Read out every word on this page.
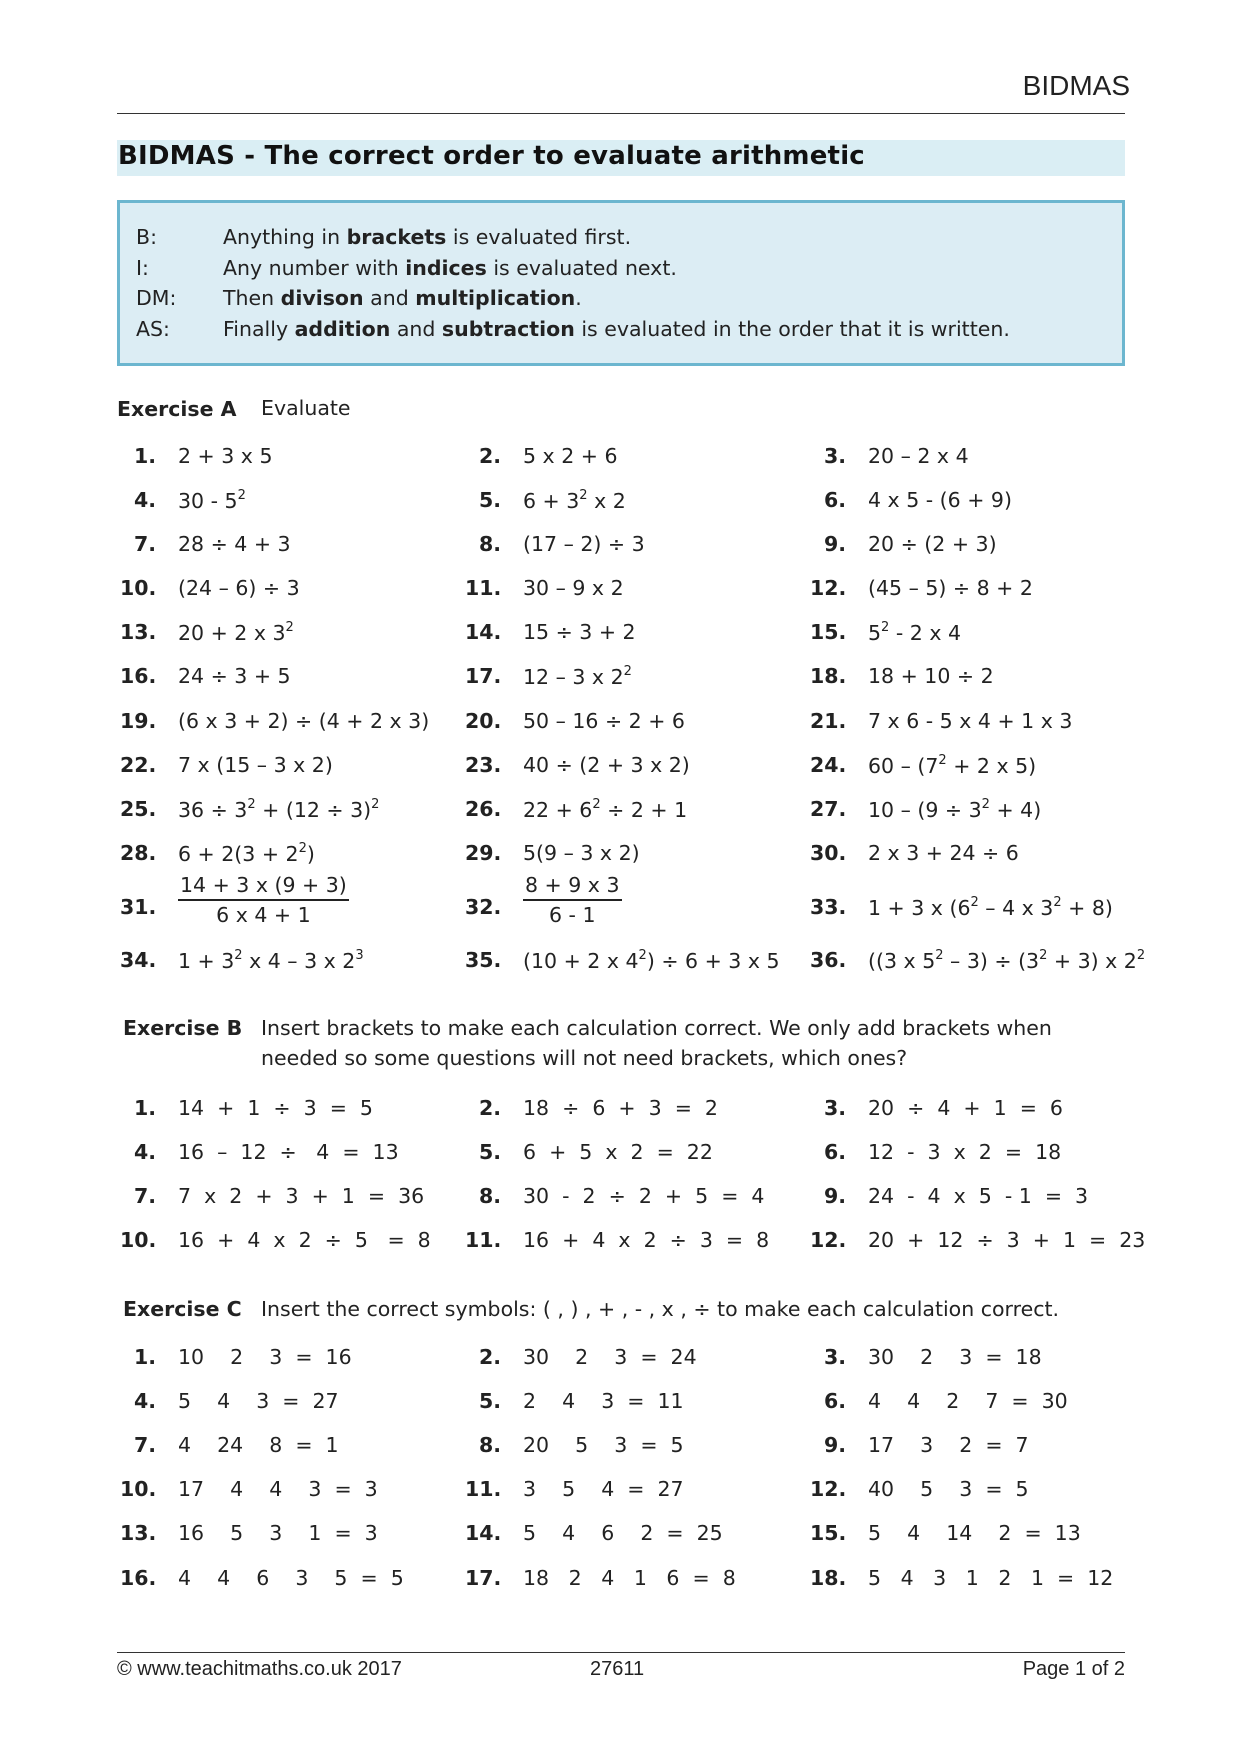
BIDMAS
BIDMAS - The correct order to evaluate arithmetic
B:	Anything in brackets is evaluated first.
I:	Any number with indices is evaluated next.
DM: Then divison and multiplication.
AS:	Finally addition and subtraction is evaluated in the order that it is written.
Exercise A Evaluate
1. 2 + 3 x 5	2. 5 x 2 + 6	3. 20 – 2 x 4
4. $30 - 5^2$	5. $6 + 3^2$ x 2	6. 4 x 5 - (6 + 9)
7. 28 ÷ 4 + 3	8. (17 – 2) ÷ 3	9. 20 ÷ (2 + 3)
10. (24 – 6) ÷ 3	11. 30 – 9 x 2	12. (45 – 5) ÷ 8 + 2
13. 20 + 2 x $3^2$	14. 15 ÷ 3 + 2	15. $5^2 - 2$ x 4
16. 24 ÷ 3 + 5	17. 12 – 3 x $2^2$	18. 18 + 10 ÷ 2
19. (6 x 3 + 2) ÷ (4 + 2 x 3) 20. 50 – 16 ÷ 2 + 6	21. 7 x 6 - 5 x 4 + 1 x 3
22. 7 x (15 – 3 x 2)	23. 40 ÷ (2 + 3 x 2)	24. $60 - (7^2 + 2$ x 5)
25. $36 \div 3^2 + (12 \div 3)^2$	26. $22 + 6^2 \div 2 + 1$	27. $10 - (9 \div 3^2 + 4)$
28. $6 + 2(3 + 2^2)$	29. 5(9 – 3 x 2)	30. 2 x 3 + 24 ÷ 6
31. $\frac{14 + 3 x (9 + 3)}{6 x 4 + 1}$	32. $\frac{8 + 9 x 3}{6 - 1}$	33. 1 + 3 x ($6^2 - 4$ x $3^2 + 8$)
34. $1 + 3^2$ x 4 – 3 x $2^3$	35. (10 + 2 x $4^2) \div 6 + 3$ x 5 36. ((3 x $5^2 - 3) \div (3^2 + 3)$ x $2^2$
Exercise B Insert brackets to make each calculation correct. We only add brackets when needed so some questions will not need brackets, which ones?
1. 14  +  1  ÷  3  =  5	2. 18  ÷  6  +  3  =  2	3. 20  ÷  4  +  1  =  6
4. 16  –  12  ÷   4  =  13	5. 6  +  5  x  2  =  22	6. 12  -  3  x  2  =  18
7. 7  x  2  +  3  +  1  =  36	8. 30  -  2  ÷  2  +  5  =  4	9. 24  -  4  x  5  - 1  =  3
10. 16  +  4  x  2  ÷  5   =  8 11. 16  +  4  x  2  ÷  3  =  8 12. 20  +  12  ÷  3  +  1  =  23
Exercise C Insert the correct symbols: ( , ) , + , - , x , ÷ to make each calculation correct.
1. 10    2    3  =  16	2. 30    2    3  =  24	3. 30    2    3  =  18
4. 5    4    3  =  27	5. 2    4    3  =  11	6. 4    4    2    7  =  30
7. 4    24    8  =  1	8. 20    5    3  =  5	9. 17    3    2  =  7
10. 17    4    4    3  =  3	11. 3    5    4  =  27	12. 40    5    3  =  5
13. 16    5    3    1  =  3	14. 5    4    6    2  =  25	15. 5    4    14    2  =  13
16. 4    4    6    3    5  =  5	17. 18   2   4   1   6  =  8	18. 5   4   3   1   2   1  =  12
© www.teachitmaths.co.uk 2017	27611	Page 1 of 2
